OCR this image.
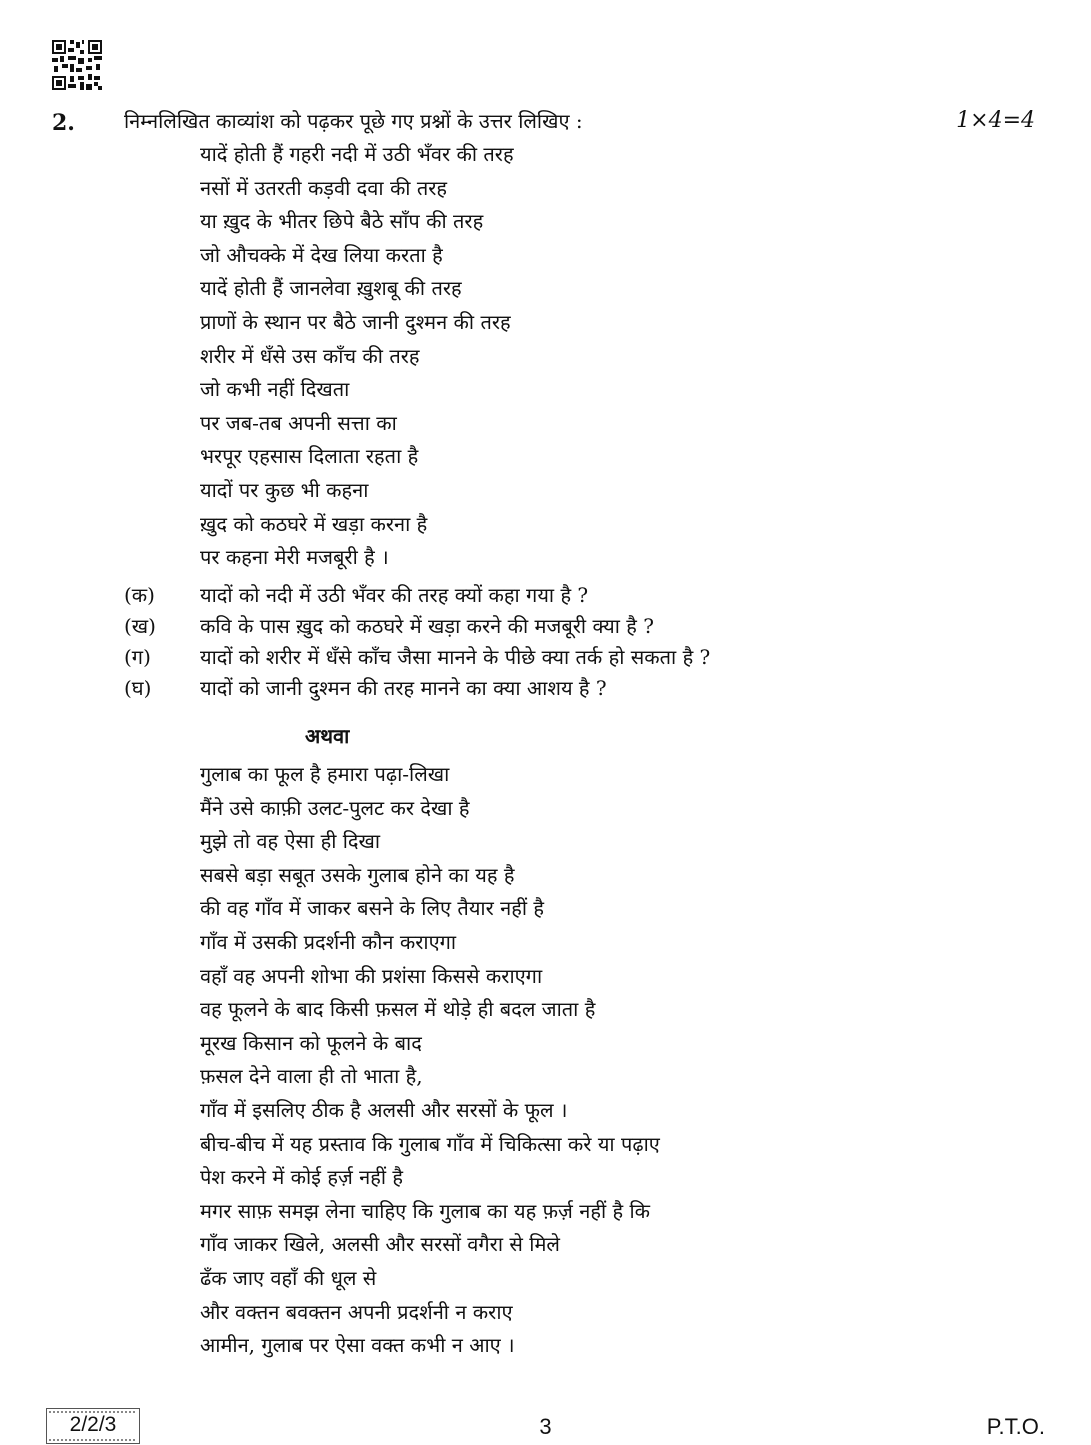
2. निम्नलिखित काव्यांश को पढ़कर पूछे गए प्रश्नों के उत्तर लिखिए :	1×4=4
यादें होती हैं गहरी नदी में उठी भँवर की तरह
नसों में उतरती कड़वी दवा की तरह
या ख़ुद के भीतर छिपे बैठे साँप की तरह
जो औचक्के में देख लिया करता है
यादें होती हैं जानलेवा ख़ुशबू की तरह
प्राणों के स्थान पर बैठे जानी दुश्मन की तरह
शरीर में धँसे उस काँच की तरह
जो कभी नहीं दिखता
पर जब-तब अपनी सत्ता का
भरपूर एहसास दिलाता रहता है
यादों पर कुछ भी कहना
ख़ुद को कठघरे में खड़ा करना है
पर कहना मेरी मजबूरी है ।
(क)	यादों को नदी में उठी भँवर की तरह क्यों कहा गया है ?
(ख)	कवि के पास ख़ुद को कठघरे में खड़ा करने की मजबूरी क्या है ?
(ग)	यादों को शरीर में धँसे काँच जैसा मानने के पीछे क्या तर्क हो सकता है ?
(घ)	यादों को जानी दुश्मन की तरह मानने का क्या आशय है ?
अथवा
गुलाब का फूल है हमारा पढ़ा-लिखा
मैंने उसे काफ़ी उलट-पुलट कर देखा है
मुझे तो वह ऐसा ही दिखा
सबसे बड़ा सबूत उसके गुलाब होने का यह है
की वह गाँव में जाकर बसने के लिए तैयार नहीं है
गाँव में उसकी प्रदर्शनी कौन कराएगा
वहाँ वह अपनी शोभा की प्रशंसा किससे कराएगा
वह फूलने के बाद किसी फ़सल में थोड़े ही बदल जाता है
मूरख किसान को फूलने के बाद
फ़सल देने वाला ही तो भाता है,
गाँव में इसलिए ठीक है अलसी और सरसों के फूल ।
बीच-बीच में यह प्रस्ताव कि गुलाब गाँव में चिकित्सा करे या पढ़ाए
पेश करने में कोई हर्ज़ नहीं है
मगर साफ़ समझ लेना चाहिए कि गुलाब का यह फ़र्ज़ नहीं है कि
गाँव जाकर खिले, अलसी और सरसों वगैरा से मिले
ढँक जाए वहाँ की धूल से
और वक्तन बवक्तन अपनी प्रदर्शनी न कराए
आमीन, गुलाब पर ऐसा वक्त कभी न आए ।
2/2/3	3	P.T.O.
